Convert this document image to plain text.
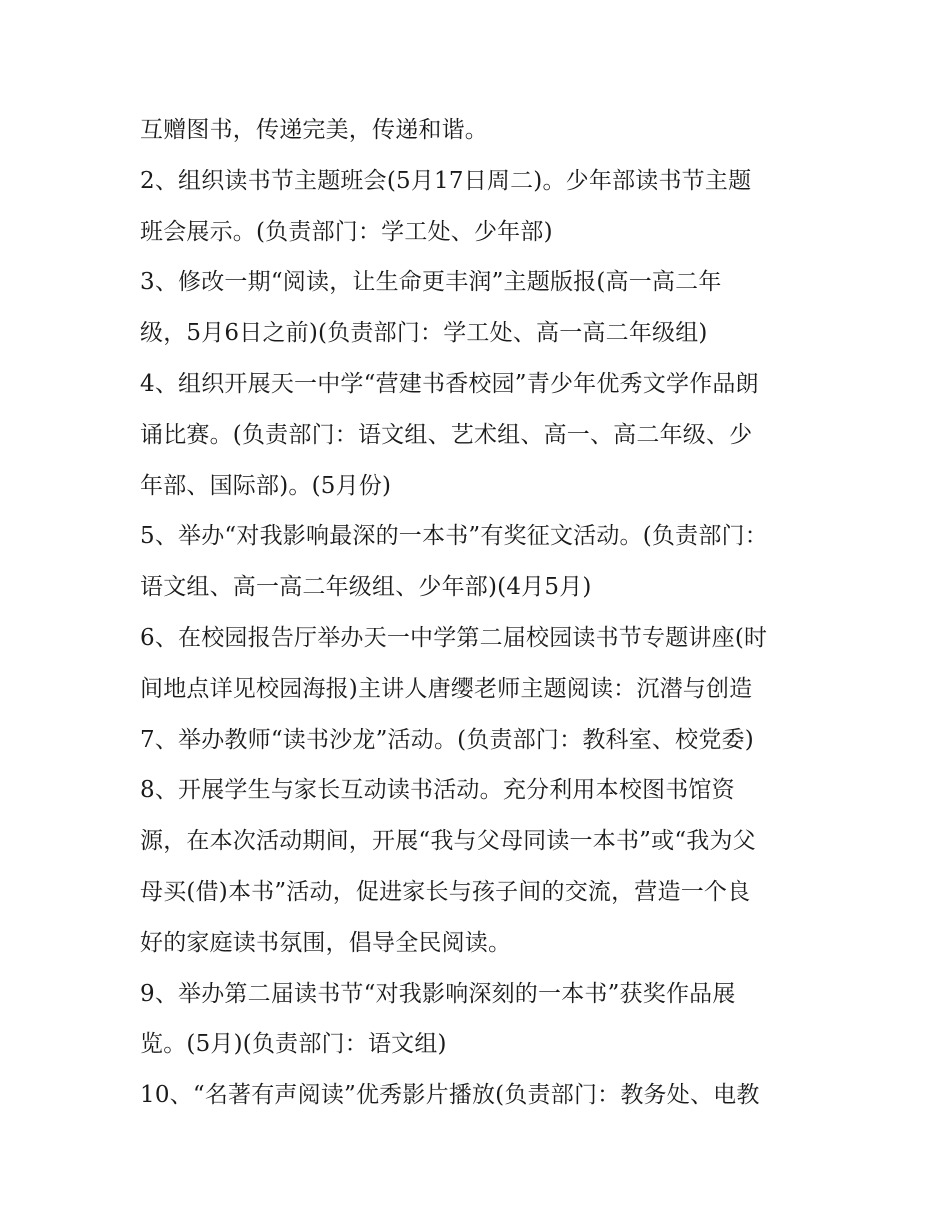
互赠图书，传递完美，传递和谐。
2、组织读书节主题班会(5月17日周二)。少年部读书节主题
班会展示。(负责部门：学工处、少年部)
3、修改一期“阅读，让生命更丰润”主题版报(高一高二年
级，5月6日之前)(负责部门：学工处、高一高二年级组)
4、组织开展天一中学“营建书香校园”青少年优秀文学作品朗
诵比赛。(负责部门：语文组、艺术组、高一、高二年级、少
年部、国际部)。(5月份)
5、举办“对我影响最深的一本书”有奖征文活动。(负责部门：
语文组、高一高二年级组、少年部)(4月5月)
6、在校园报告厅举办天一中学第二届校园读书节专题讲座(时
间地点详见校园海报)主讲人唐缨老师主题阅读：沉潜与创造
7、举办教师“读书沙龙”活动。(负责部门：教科室、校党委)
8、开展学生与家长互动读书活动。充分利用本校图书馆资
源，在本次活动期间，开展“我与父母同读一本书”或“我为父
母买(借)本书”活动，促进家长与孩子间的交流，营造一个良
好的家庭读书氛围，倡导全民阅读。
9、举办第二届读书节“对我影响深刻的一本书”获奖作品展
览。(5月)(负责部门：语文组)
10、“名著有声阅读”优秀影片播放(负责部门：教务处、电教
